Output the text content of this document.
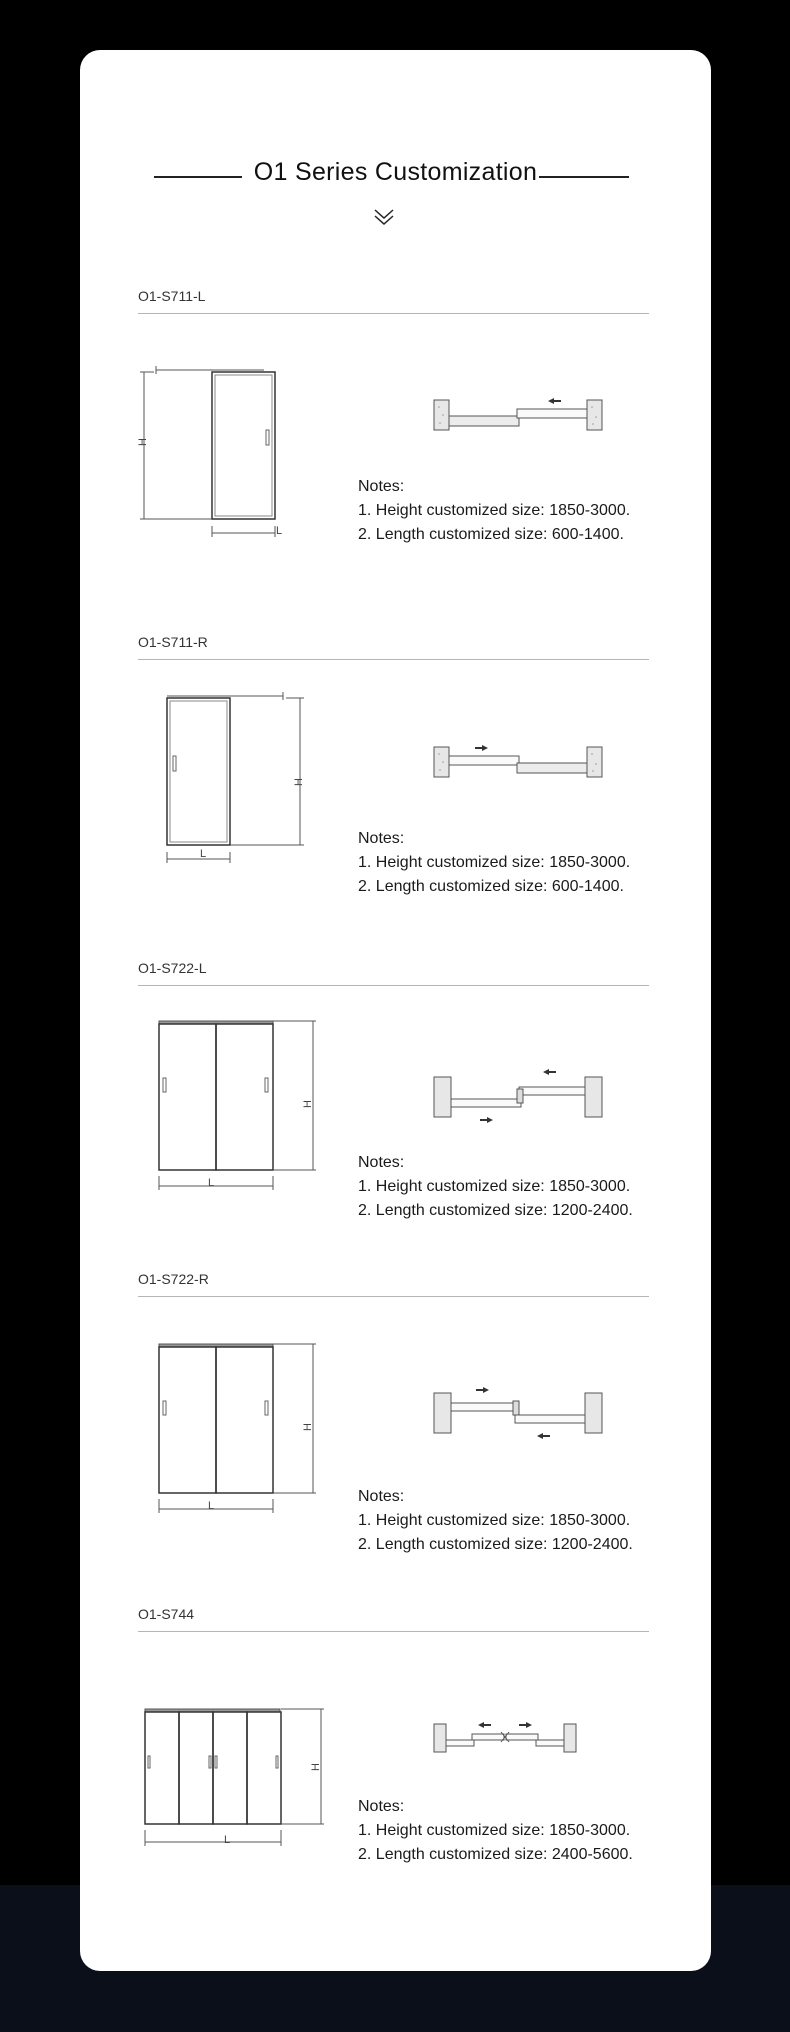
O1 Series Customization
O1-S711-L
H
L
Notes:
1. Height customized size: 1850-3000.
2. Length customized size: 600-1400.
O1-S711-R
H
L
Notes:
1. Height customized size: 1850-3000.
2. Length customized size: 600-1400.
O1-S722-L
H
L
Notes:
1. Height customized size: 1850-3000.
2. Length customized size: 1200-2400.
O1-S722-R
H
L
Notes:
1. Height customized size: 1850-3000.
2. Length customized size: 1200-2400.
O1-S744
H
L
Notes:
1. Height customized size: 1850-3000.
2. Length customized size: 2400-5600.
